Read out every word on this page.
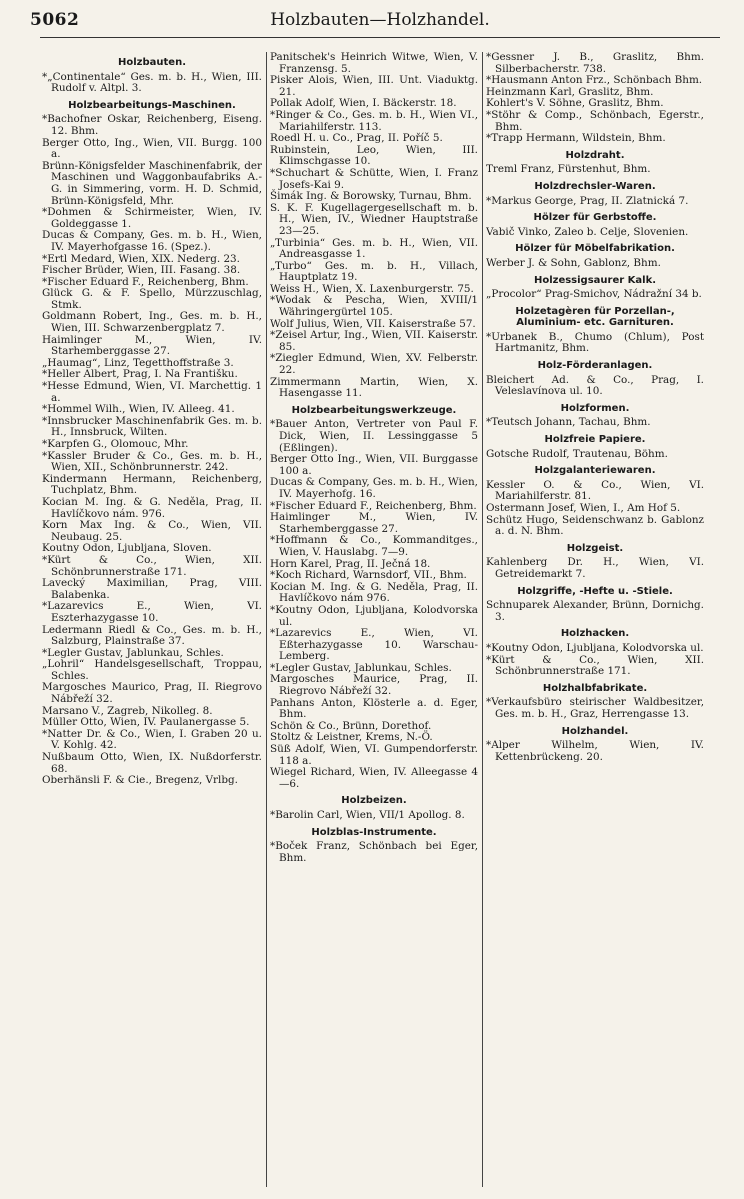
Holzbauten—Holzhandel.
5062
Holzbauten.
*„Continentale“ Ges. m. b. H., Wien, III. Rudolf v. Altpl. 3.
Holzbearbeitungs-Maschinen.
*Bachofner Oskar, Reichenberg, Eiseng. 12. Bhm.
Berger Otto, Ing., Wien, VII. Burgg. 100 a.
Brünn-Königsfelder Maschinenfabrik, der Maschinen und Waggonbaufabriks A.-G. in Simmering, vorm. H. D. Schmid, Brünn-Königsfeld, Mhr.
*Dohmen & Schirmeister, Wien, IV. Goldeggasse 1.
Ducas & Company, Ges. m. b. H., Wien, IV. Mayerhofgasse 16. (Spez.).
*Ertl Medard, Wien, XIX. Nederg. 23.
Fischer Brüder, Wien, III. Fasang. 38.
*Fischer Eduard F., Reichenberg, Bhm.
Glück G. & F. Spello, Mürzzuschlag, Stmk.
Goldmann Robert, Ing., Ges. m. b. H., Wien, III. Schwarzenbergplatz 7.
Haimlinger M., Wien, IV. Starhemberggasse 27.
„Haumag“, Linz, Tegetthoffstraße 3.
*Heller Albert, Prag, I. Na Františku.
*Hesse Edmund, Wien, VI. Marchettig. 1 a.
*Hommel Wilh., Wien, IV. Alleeg. 41.
*Innsbrucker Maschinenfabrik Ges. m. b. H., Innsbruck, Wilten.
*Karpfen G., Olomouc, Mhr.
*Kassler Bruder & Co., Ges. m. b. H., Wien, XII., Schönbrunnerstr. 242.
Kindermann Hermann, Reichenberg, Tuchplatz, Bhm.
Kocian M. Ing. & G. Neděla, Prag, II. Havlíčkovo nám. 976.
Korn Max Ing. & Co., Wien, VII. Neubaug. 25.
Koutny Odon, Ljubljana, Sloven.
*Kürt & Co., Wien, XII. Schönbrunnerstraße 171.
Lavecký Maximilian, Prag, VIII. Balabenka.
*Lazarevics E., Wien, VI. Eszterhazygasse 10.
Ledermann Riedl & Co., Ges. m. b. H., Salzburg, Plainstraße 37.
*Legler Gustav, Jablunkau, Schles.
„Lohril“ Handelsgesellschaft, Troppau, Schles.
Margosches Maurico, Prag, II. Riegrovo Nábřeží 32.
Marsano V., Zagreb, Nikolleg. 8.
Müller Otto, Wien, IV. Paulanergasse 5.
*Natter Dr. & Co., Wien, I. Graben 20 u. V. Kohlg. 42.
Nußbaum Otto, Wien, IX. Nußdorferstr. 68.
Oberhänsli F. & Cie., Bregenz, Vrlbg.
Panitschek's Heinrich Witwe, Wien, V. Franzensg. 5.
Pisker Alois, Wien, III. Unt. Viaduktg. 21.
Pollak Adolf, Wien, I. Bäckerstr. 18.
*Ringer & Co., Ges. m. b. H., Wien VI., Mariahilferstr. 113.
Roedl H. u. Co., Prag, II. Poříč 5.
Rubinstein, Leo, Wien, III. Klimschgasse 10.
*Schuchart & Schütte, Wien, I. Franz Josefs-Kai 9.
Šimák Ing. & Borowsky, Turnau, Bhm.
S. K. F. Kugellagergesellschaft m. b. H., Wien, IV., Wiedner Hauptstraße 23—25.
„Turbinia“ Ges. m. b. H., Wien, VII. Andreasgasse 1.
„Turbo“ Ges. m. b. H., Villach, Hauptplatz 19.
Weiss H., Wien, X. Laxenburgerstr. 75.
*Wodak & Pescha, Wien, XVIII/1 Währingergürtel 105.
Wolf Julius, Wien, VII. Kaiserstraße 57.
*Zeisel Artur, Ing., Wien, VII. Kaiserstr. 85.
*Ziegler Edmund, Wien, XV. Felberstr. 22.
Zimmermann Martin, Wien, X. Hasengasse 11.
Holzbearbeitungswerkzeuge.
*Bauer Anton, Vertreter von Paul F. Dick, Wien, II. Lessinggasse 5 (Eßlingen).
Berger Otto Ing., Wien, VII. Burggasse 100 a.
Ducas & Company, Ges. m. b. H., Wien, IV. Mayerhofg. 16.
*Fischer Eduard F., Reichenberg, Bhm.
Haimlinger M., Wien, IV. Starhemberggasse 27.
*Hoffmann & Co., Kommanditges., Wien, V. Hauslabg. 7—9.
Horn Karel, Prag, II. Ječná 18.
*Koch Richard, Warnsdorf, VII., Bhm.
Kocian M. Ing. & G. Neděla, Prag, II. Havlíčkovo nám 976.
*Koutny Odon, Ljubljana, Kolodvorska ul.
*Lazarevics E., Wien, VI. Eßterhazygasse 10. Warschau-Lemberg.
*Legler Gustav, Jablunkau, Schles.
Margosches Maurice, Prag, II. Riegrovo Nábřeží 32.
Panhans Anton, Klösterle a. d. Eger, Bhm.
Schön & Co., Brünn, Dorethof.
Stoltz & Leistner, Krems, N.-Ö.
Süß Adolf, Wien, VI. Gumpendorferstr. 118 a.
Wiegel Richard, Wien, IV. Alleegasse 4—6.
Holzbeizen.
*Barolin Carl, Wien, VII/1 Apollog. 8.
Holzblas-Instrumente.
*Boček Franz, Schönbach bei Eger, Bhm.
*Gessner J. B., Graslitz, Bhm. Silberbacherstr. 738.
*Hausmann Anton Frz., Schönbach Bhm.
Heinzmann Karl, Graslitz, Bhm.
Kohlert's V. Söhne, Graslitz, Bhm.
*Stöhr & Comp., Schönbach, Egerstr., Bhm.
*Trapp Hermann, Wildstein, Bhm.
Holzdraht.
Treml Franz, Fürstenhut, Bhm.
Holzdrechsler-Waren.
*Markus George, Prag, II. Zlatnická 7.
Hölzer für Gerbstoffe.
Vabič Vinko, Zaleo b. Celje, Slovenien.
Hölzer für Möbelfabrikation.
Werber J. & Sohn, Gablonz, Bhm.
Holzessigsaurer Kalk.
„Procolor“ Prag-Smichov, Nádražní 34 b.
Holzetagèren für Porzellan-, Aluminium- etc. Garnituren.
*Urbanek B., Chumo (Chlum), Post Hartmanitz, Bhm.
Holz-Förderanlagen.
Bleichert Ad. & Co., Prag, I. Veleslavínova ul. 10.
Holzformen.
*Teutsch Johann, Tachau, Bhm.
Holzfreie Papiere.
Gotsche Rudolf, Trautenau, Böhm.
Holzgalanteriewaren.
Kessler O. & Co., Wien, VI. Mariahilferstr. 81.
Ostermann Josef, Wien, I., Am Hof 5.
Schütz Hugo, Seidenschwanz b. Gablonz a. d. N. Bhm.
Holzgeist.
Kahlenberg Dr. H., Wien, VI. Getreidemarkt 7.
Holzgriffe, -Hefte u. -Stiele.
Schnuparek Alexander, Brünn, Dornichg. 3.
Holzhacken.
*Koutny Odon, Ljubljana, Kolodvorska ul.
*Kürt & Co., Wien, XII. Schönbrunnerstraße 171.
Holzhalbfabrikate.
*Verkaufsbüro steirischer Waldbesitzer, Ges. m. b. H., Graz, Herrengasse 13.
Holzhandel.
*Alper Wilhelm, Wien, IV. Kettenbrückeng. 20.
